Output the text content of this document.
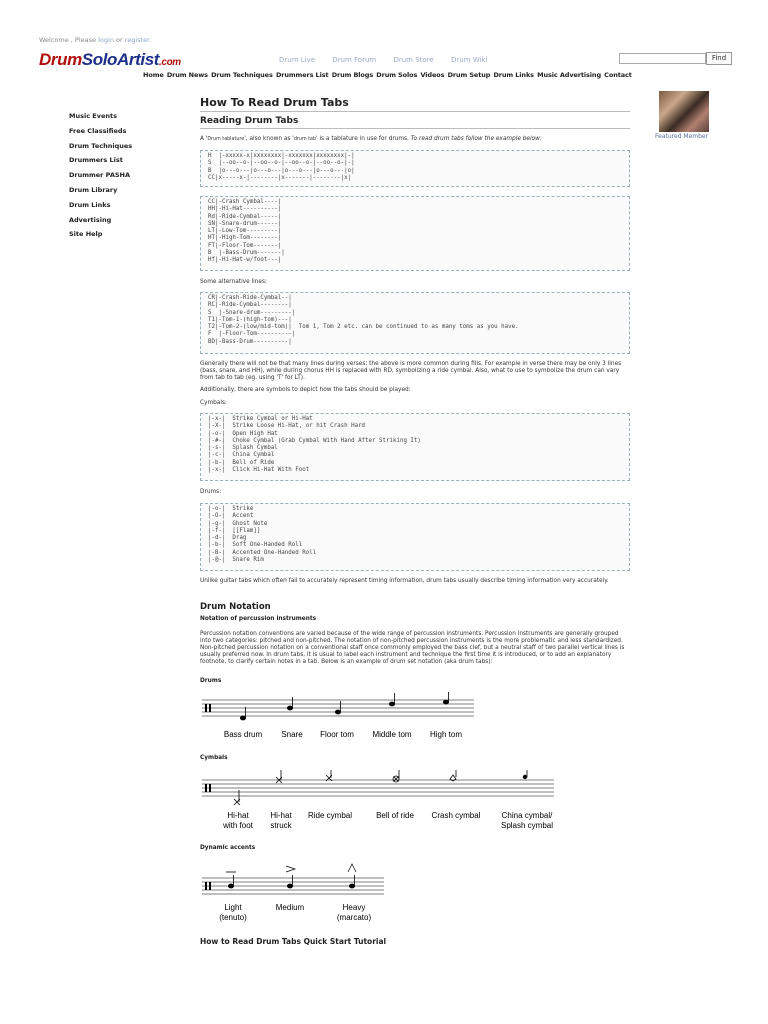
Welcome , Please login or register.
DrumSoloArtist.com	Drum Live Drum Forum Drum Store Drum Wiki	Find
Home Drum News Drum Techniques Drummers List Drum Blogs Drum Solos Videos Drum Setup Drum Links Music Advertising Contact
Music Events
Free Classifieds
Drum Techniques
Drummers List
Drummer PASHA
Drum Library
Drum Links
Advertising
Site Help
Featured Member
How To Read Drum Tabs
Reading Drum Tabs
A 'Drum tablature', also known as 'drum tab' is a tablature in use for drums. To read drum tabs follow the example below:
H  |-xxxxx-x|xxxxxxxx|-xxxxxxx|xxxxxxxx|-|
S  |--oo--o-|--oo--o-|--oo--o-|--oo--o-|-|
B  |o---o---|o---o---|o---o---|o---o---|o|
CC|x-----x-|--------|x-------|--------|x|
CC|-Crash Cymbal----|
HH|-Hi-Hat----------|
Rd|-Ride-Cymbal-----|
SN|-Snare-drum------|
LT|-Low-Tom---------|
HT|-High-Tom--------|
FT|-Floor-Tom-------|
B  |-Bass-Drum-------|
Hf|-Hi-Hat-w/foot---|
Some alternative lines:
CR|-Crash-Ride-Cymbal--|
RC|-Ride-Cymbal--------|
S  |-Snare-drum---------|
T1|-Tom-1-(high-tom)---|
T2|-Tom-2-(low/mid-tom)|  Tom 1, Tom 2 etc. can be continued to as many toms as you have.
F  |-Floor-Tom----------|
BD|-Bass-Drum----------|
Generally there will not be that many lines during verses; the above is more common during fills. For example in verse there may be only 3 lines (bass, snare, and HH), while during chorus HH is replaced with RD, symbolizing a ride cymbal. Also, what to use to symbolize the drum can vary from tab to tab (eg. using 'T' for LT).
Additionally, there are symbols to depict how the tabs should be played:
Cymbals:
|-x-|  Strike Cymbal or Hi-Hat
|-X-|  Strike Loose Hi-Hat, or hit Crash Hard
|-o-|  Open High Hat
|-#-|  Choke Cymbal (Grab Cymbal With Hand After Striking It)
|-s-|  Splash Cymbal
|-c-|  China Cymbal
|-b-|  Bell of Ride
|-x-|  Click Hi-Hat With Foot
Drums:
|-o-|  Strike
|-O-|  Accent
|-g-|  Ghost Note
|-f-|  [[Flam]]
|-d-|  Drag
|-b-|  Soft One-Handed Roll
|-B-|  Accented One-Handed Roll
|-@-|  Snare Rim
Unlike guitar tabs which often fail to accurately represent timing information, drum tabs usually describe timing information very accurately.
Drum Notation
Notation of percussion instruments
Percussion notation conventions are varied because of the wide range of percussion instruments. Percussion instruments are generally grouped into two categories: pitched and non-pitched. The notation of non-pitched percussion instruments is the more problematic and less standardized. Non-pitched percussion notation on a conventional staff once commonly employed the bass clef, but a neutral staff of two parallel vertical lines is usually preferred now. In drum tabs, it is usual to label each instrument and technique the first time it is introduced, or to add an explanatory footnote, to clarify certain notes in a tab. Below is an example of drum set notation (aka drum tabs):
Drums
Bass drum Snare Floor tom Middle tom High tom
Cymbals
Hi-hat
with foot
Hi-hat
struck
Ride cymbal	Bell of ride Crash cymbal	China cymbal/
Splash cymbal
Dynamic accents
Light
(tenuto)
Medium	Heavy
(marcato)
How to Read Drum Tabs Quick Start Tutorial
